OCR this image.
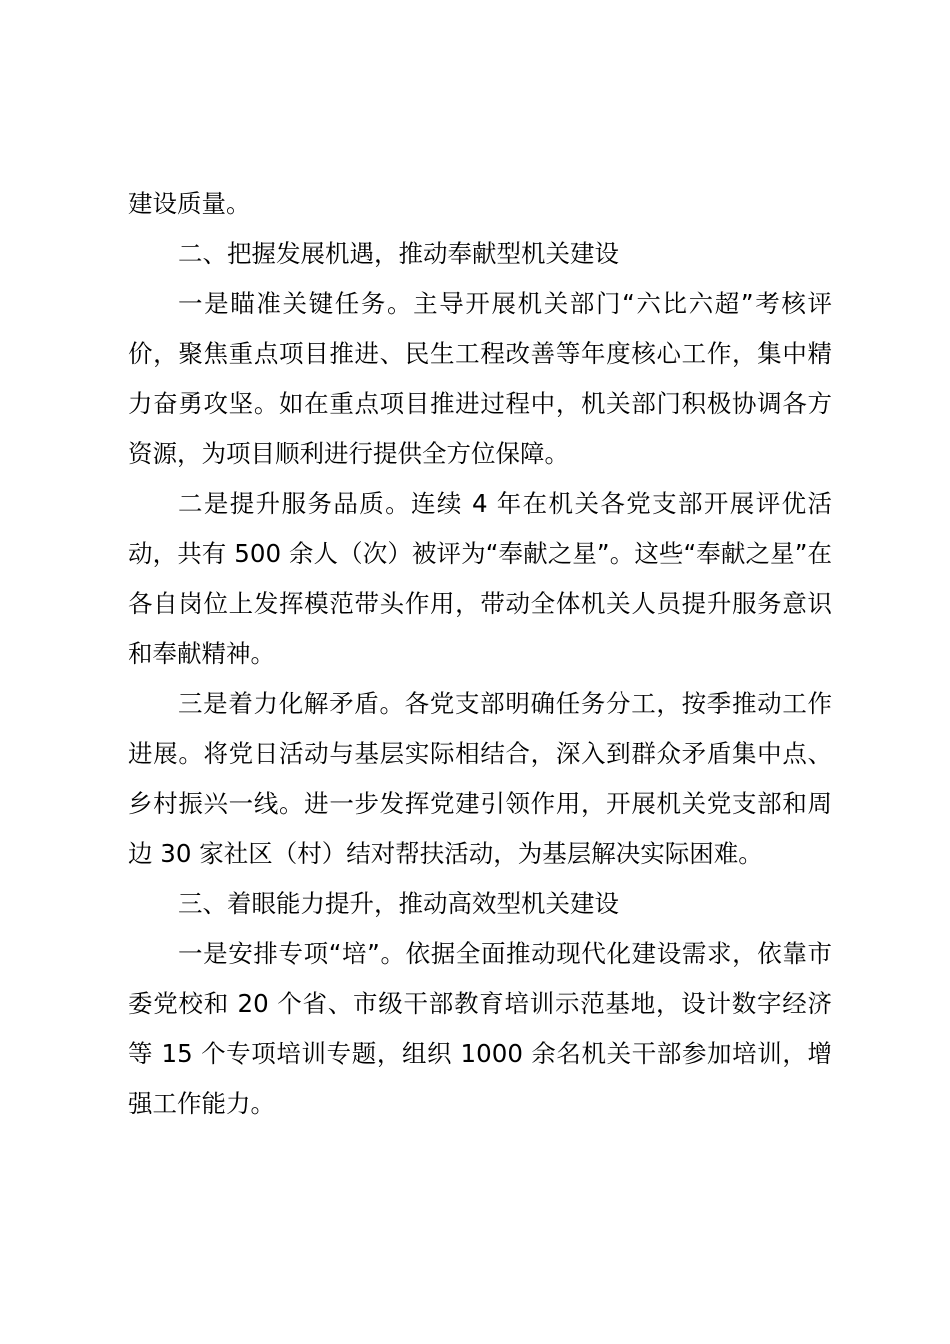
建设质量。

二、把握发展机遇，推动奉献型机关建设

一是瞄准关键任务。主导开展机关部门“六比六超”考核评价，聚焦重点项目推进、民生工程改善等年度核心工作，集中精力奋勇攻坚。如在重点项目推进过程中，机关部门积极协调各方资源，为项目顺利进行提供全方位保障。

二是提升服务品质。连续 4 年在机关各党支部开展评优活动，共有 500 余人（次）被评为“奉献之星”。这些“奉献之星”在各自岗位上发挥模范带头作用，带动全体机关人员提升服务意识和奉献精神。

三是着力化解矛盾。各党支部明确任务分工，按季推动工作进展。将党日活动与基层实际相结合，深入到群众矛盾集中点、乡村振兴一线。进一步发挥党建引领作用，开展机关党支部和周边 30 家社区（村）结对帮扶活动，为基层解决实际困难。

三、着眼能力提升，推动高效型机关建设

一是安排专项“培”。依据全面推动现代化建设需求，依靠市委党校和 20 个省、市级干部教育培训示范基地，设计数字经济等 15 个专项培训专题，组织 1000 余名机关干部参加培训，增强工作能力。
